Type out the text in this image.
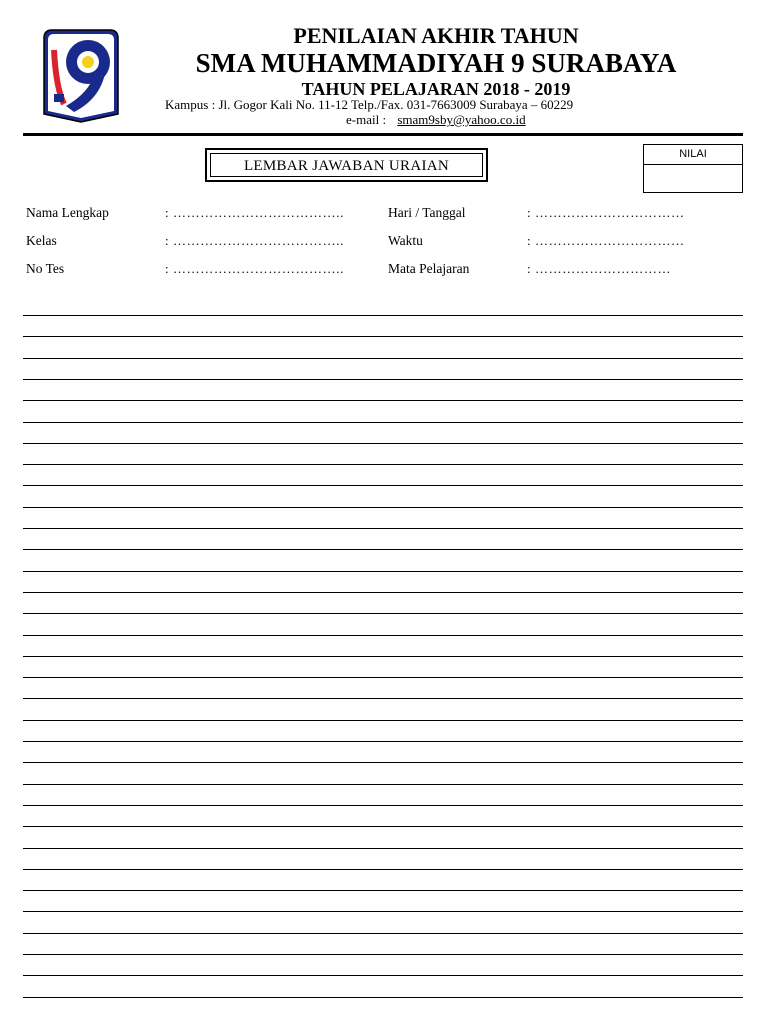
PENILAIAN AKHIR TAHUN
SMA MUHAMMADIYAH 9 SURABAYA
TAHUN PELAJARAN 2018 - 2019
Kampus : Jl. Gogor Kali No. 11-12 Telp./Fax. 031-7663009 Surabaya – 60229
e-mail : smam9sby@yahoo.co.id
LEMBAR JAWABAN URAIAN
NILAI
Nama Lengkap	: ………………………………..
Kelas	: ………………………………..
No Tes	: ………………………………..
Hari / Tanggal	: ……………………………
Waktu	: ……………………………
Mata Pelajaran	: …………………………
